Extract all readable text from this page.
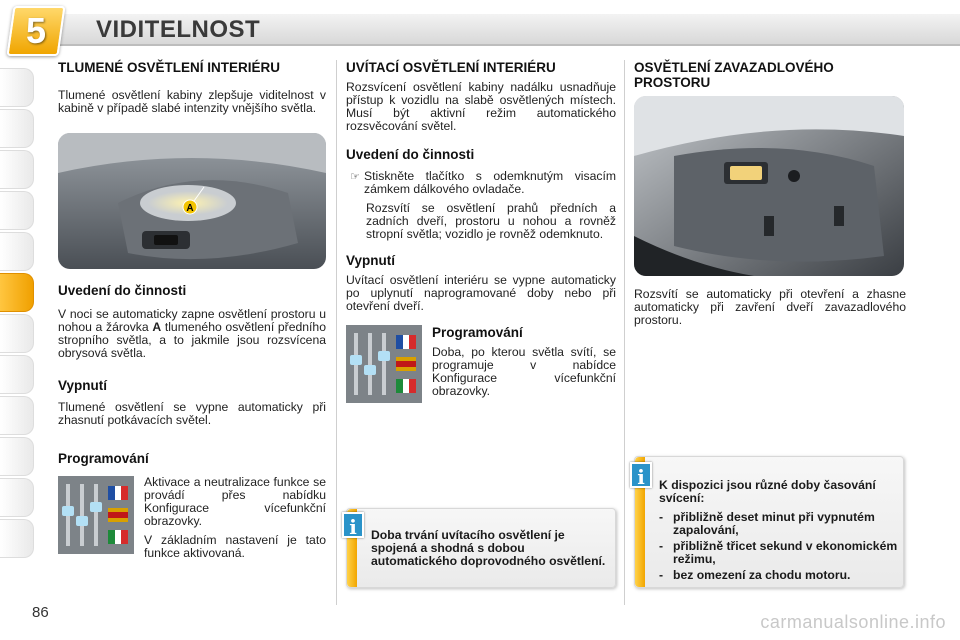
5 VIDITELNOST
TLUMENÉ OSVĚTLENÍ INTERIÉRU

Tlumené osvětlení kabiny zlepšuje viditelnost v kabině v případě slabé intenzity vnějšího světla.

A
Uvedení do činnosti

V noci se automaticky zapne osvětlení prostoru u nohou a žárovka A tlumeného osvětlení předního stropního světla, a to jakmile jsou rozsvícena obrysová světla.

Vypnutí

Tlumené osvětlení se vypne automaticky při zhasnutí potkávacích světel.

Programování

Aktivace a neutralizace funkce se provádí přes nabídku Konfigurace vícefunkční obrazovky.

V základním nastavení je tato funkce aktivovaná.

UVÍTACÍ OSVĚTLENÍ INTERIÉRU

Rozsvícení osvětlení kabiny nadálku usnadňuje přístup k vozidlu na slabě osvětlených místech. Musí být aktivní režim automatického rozsvěcování světel.

Uvedení do činnosti
☞ Stiskněte tlačítko s odemknutým visacím zámkem dálkového ovladače.

Rozsvítí se osvětlení prahů předních a zadních dveří, prostoru u nohou a rovněž stropní světla; vozidlo je rovněž odemknuto.

Vypnutí

Uvítací osvětlení interiéru se vypne automaticky po uplynutí naprogramované doby nebo při otevření dveří.

Programování

Doba, po kterou světla svítí, se programuje v nabídce Konfigurace vícefunkční obrazovky.

Doba trvání uvítacího osvětlení je spojená a shodná s dobou automatického doprovodného osvětlení.
i
OSVĚTLENÍ ZAVAZADLOVÉHO PROSTORU

Rozsvítí se automaticky při otevření a zhasne automaticky při zavření dveří zavazadlového prostoru.

K dispozici jsou různé doby časování svícení:
- přibližně deset minut při vypnutém zapalování,
- přibližně třicet sekund v ekonomickém režimu,
- bez omezení za chodu motoru.
i
86	carmanualsonline.info
